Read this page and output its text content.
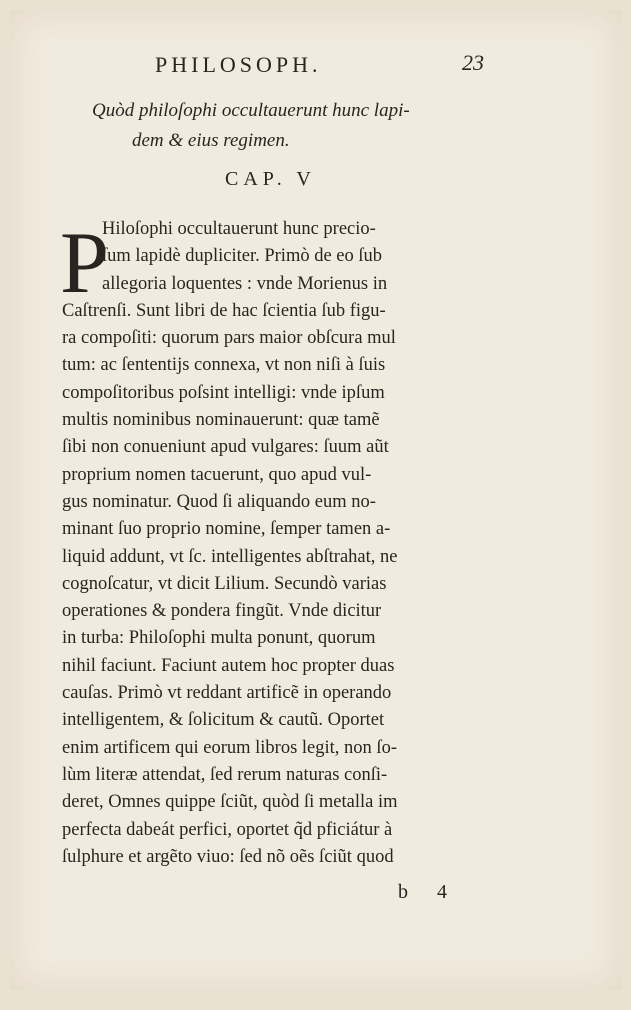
PHILOSOPH.	23
Quòd philoſophi occultauerunt hunc lapi-
dem & eius regimen.
CAP. V
P
Hiloſophi occultauerunt hunc precio-
ſum lapidè dupliciter. Primò de eo ſub
allegoria loquentes : vnde Morienus in
Caſtrenſi. Sunt libri de hac ſcientia ſub figu-
ra compoſiti: quorum pars maior obſcura mul
tum: ac ſententijs connexa, vt non niſi à ſuis
compoſitoribus poſsint intelligi: vnde ipſum
multis nominibus nominauerunt: quæ tamẽ
ſibi non conueniunt apud vulgares: ſuum aũt
proprium nomen tacuerunt, quo apud vul-
gus nominatur. Quod ſi aliquando eum no-
minant ſuo proprio nomine, ſemper tamen a-
liquid addunt, vt ſc. intelligentes abſtrahat, ne
cognoſcatur, vt dicit Lilium. Secundò varias
operationes & pondera fingũt. Vnde dicitur
in turba: Philoſophi multa ponunt, quorum
nihil faciunt. Faciunt autem hoc propter duas
cauſas. Primò vt reddant artificẽ in operando
intelligentem, & ſolicitum & cautũ. Oportet
enim artificem qui eorum libros legit, non ſo-
lùm literæ attendat, ſed rerum naturas conſi-
deret, Omnes quippe ſciũt, quòd ſi metalla im
perfecta dabeát perfici, oportet q̃d pficiátur à
ſulphure et argẽto viuo: ſed nõ oẽs ſciũt quod
b 4
